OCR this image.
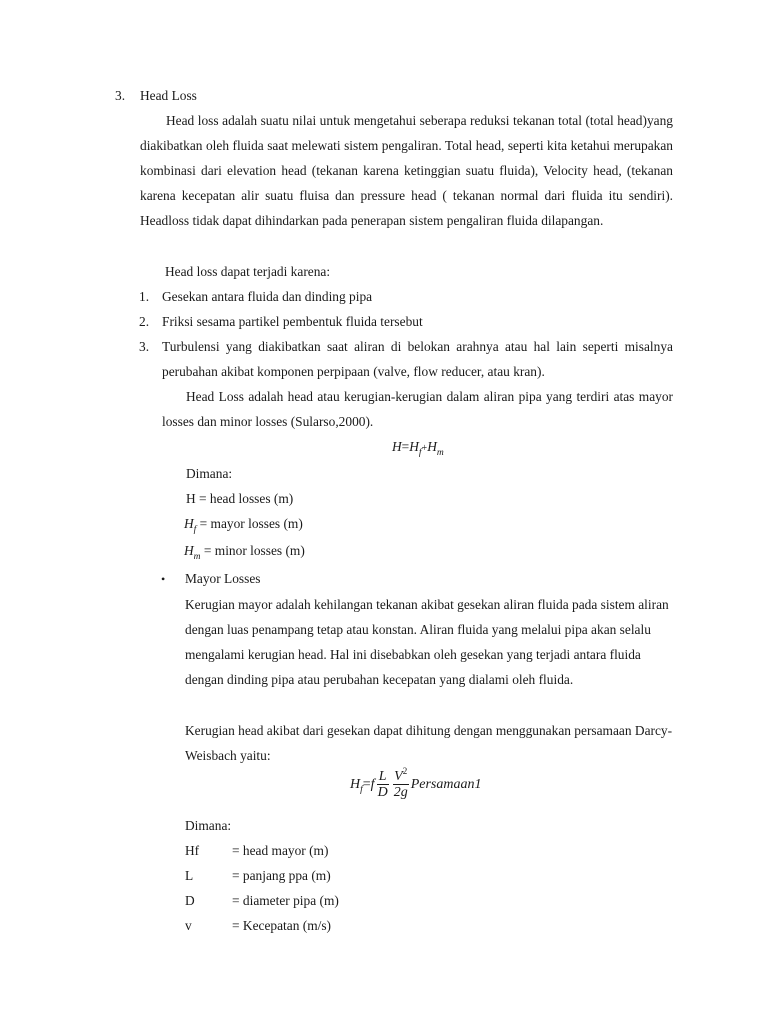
3. Head Loss
Head loss adalah suatu nilai untuk mengetahui seberapa reduksi tekanan total (total head)yang diakibatkan oleh fluida saat melewati sistem pengaliran. Total head, seperti kita ketahui merupakan kombinasi dari elevation head (tekanan karena ketinggian suatu fluida), Velocity head, (tekanan karena kecepatan alir suatu fluisa dan pressure head ( tekanan normal dari fluida itu sendiri). Headloss tidak dapat dihindarkan pada penerapan sistem pengaliran fluida dilapangan.
Head loss dapat terjadi karena:
1. Gesekan antara fluida dan dinding pipa
2. Friksi sesama partikel pembentuk fluida tersebut
3. Turbulensi yang diakibatkan saat aliran di belokan arahnya atau hal lain seperti misalnya perubahan akibat komponen perpipaan (valve, flow reducer, atau kran).
Head Loss adalah head atau kerugian-kerugian dalam aliran pipa yang terdiri atas mayor losses dan minor losses (Sularso,2000).
$H=H_f+H_m$
Dimana:
H = head losses (m)
$H_f$ = mayor losses (m)
$H_m$ = minor losses (m)
• Mayor Losses
Kerugian mayor adalah kehilangan tekanan akibat gesekan aliran fluida pada sistem aliran dengan luas penampang tetap atau konstan. Aliran fluida yang melalui pipa akan selalu mengalami kerugian head. Hal ini disebabkan oleh gesekan yang terjadi antara fluida dengan dinding pipa atau perubahan kecepatan yang dialami oleh fluida.
Kerugian head akibat dari gesekan dapat dihitung dengan menggunakan persamaan Darcy-Weisbach yaitu:
$H_f=f \frac{L}{D} \frac{V^2}{2g}$ Persamaan1
Dimana:
Hf = head mayor (m)
L	= panjang ppa (m)
D	= diameter pipa (m)
v	= Kecepatan (m/s)
